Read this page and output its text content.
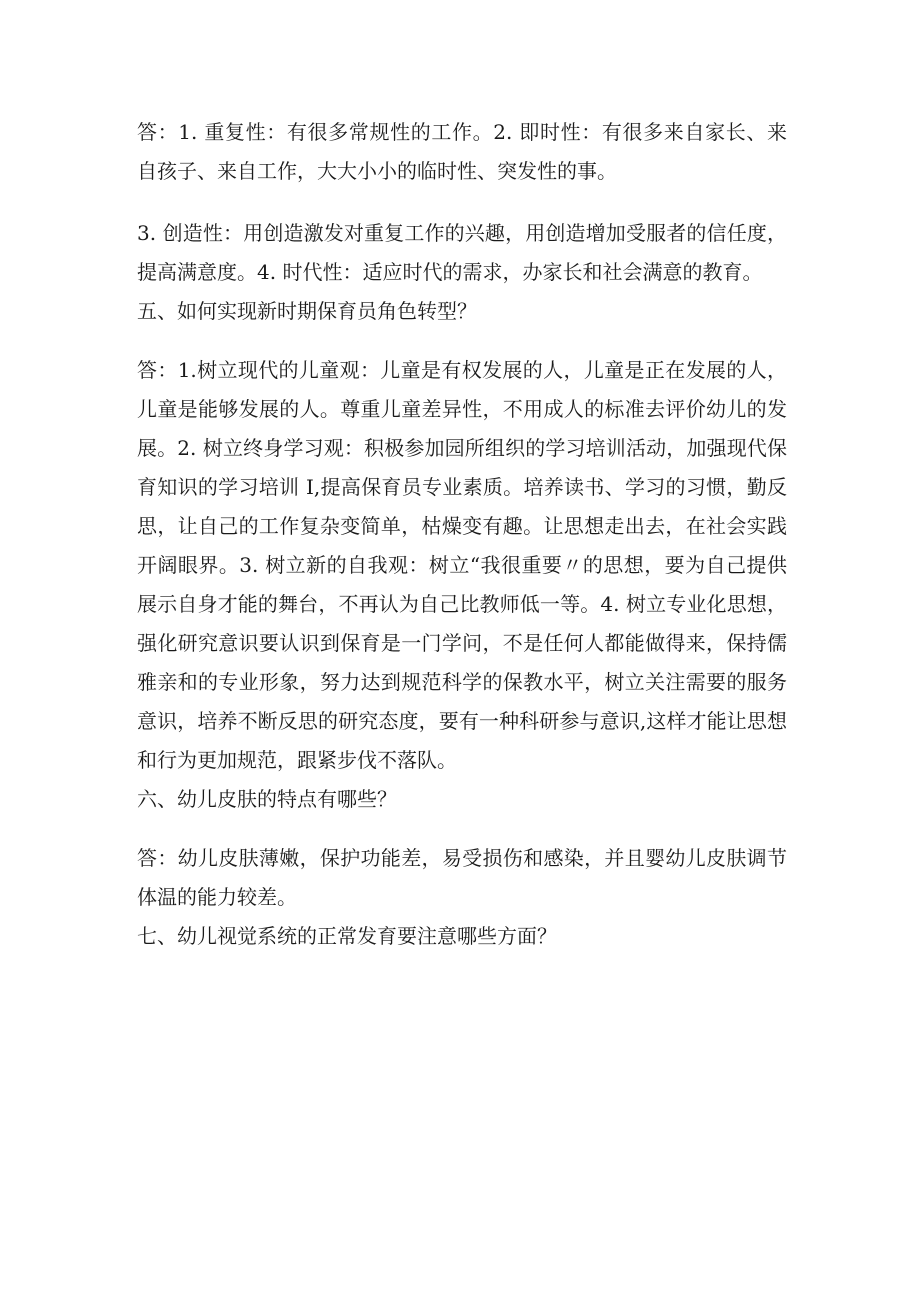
答：1. 重复性：有很多常规性的工作。2. 即时性：有很多来自家长、来自孩子、来自工作，大大小小的临时性、突发性的事。

3. 创造性：用创造激发对重复工作的兴趣，用创造增加受服者的信任度，提高满意度。4. 时代性：适应时代的需求，办家长和社会满意的教育。

五、如何实现新时期保育员角色转型？

答：1.树立现代的儿童观：儿童是有权发展的人，儿童是正在发展的人，儿童是能够发展的人。尊重儿童差异性，不用成人的标准去评价幼儿的发展。2. 树立终身学习观：积极参加园所组织的学习培训活动，加强现代保育知识的学习培训 I,提高保育员专业素质。培养读书、学习的习惯，勤反思，让自己的工作复杂变简单，枯燥变有趣。让思想走出去，在社会实践开阔眼界。3. 树立新的自我观：树立“我很重要〃的思想，要为自己提供展示自身才能的舞台，不再认为自己比教师低一等。4. 树立专业化思想，强化研究意识要认识到保育是一门学问，不是任何人都能做得来，保持儒雅亲和的专业形象，努力达到规范科学的保教水平，树立关注需要的服务意识，培养不断反思的研究态度，要有一种科研参与意识,这样才能让思想和行为更加规范，跟紧步伐不落队。

六、幼儿皮肤的特点有哪些？

答：幼儿皮肤薄嫩，保护功能差，易受损伤和感染，并且婴幼儿皮肤调节体温的能力较差。

七、幼儿视觉系统的正常发育要注意哪些方面？
